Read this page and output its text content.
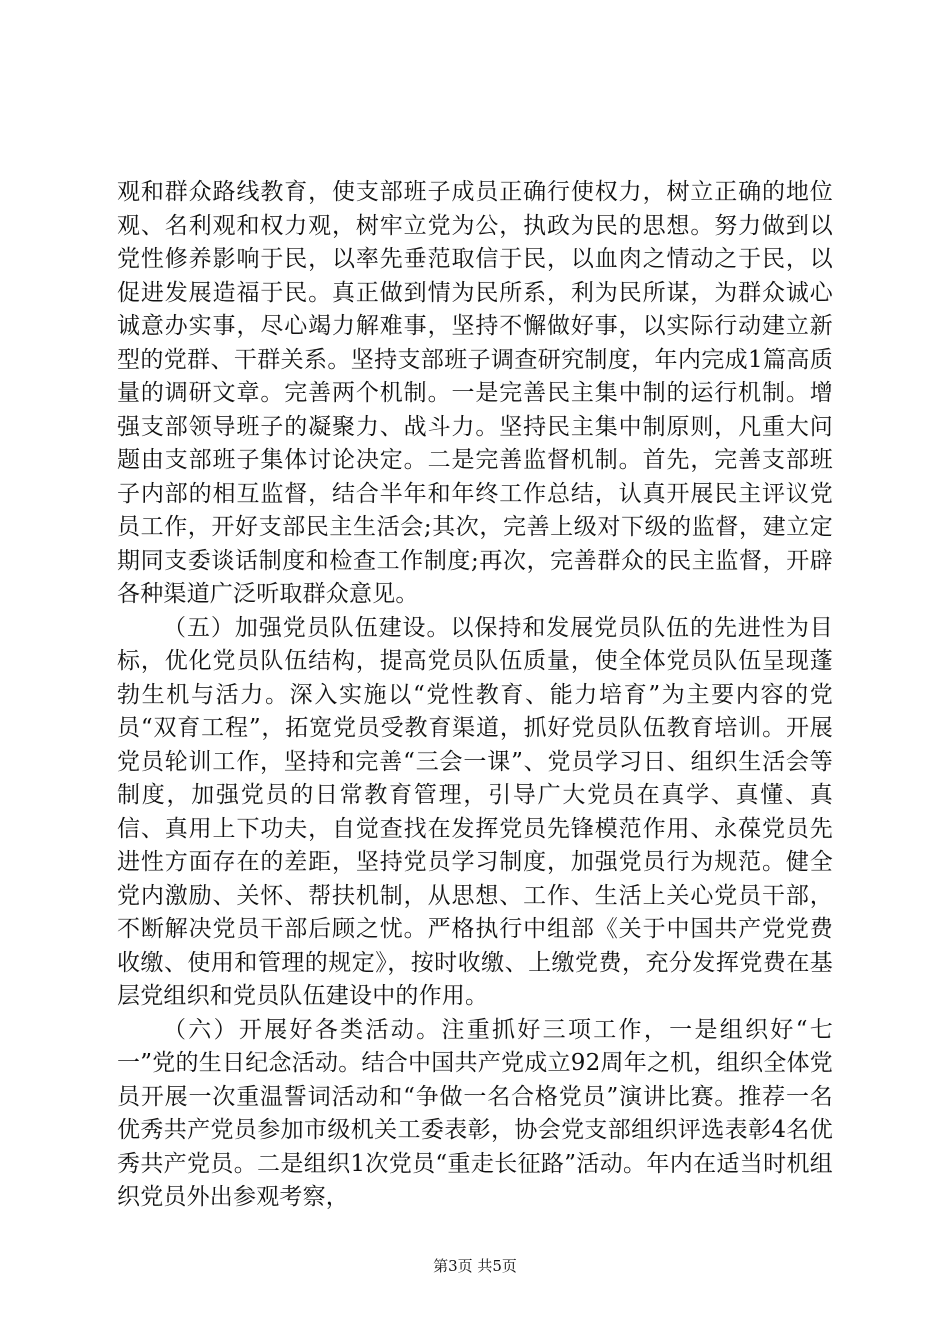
观和群众路线教育，使支部班子成员正确行使权力，树立正确的地位观、名利观和权力观，树牢立党为公，执政为民的思想。努力做到以党性修养影响于民，以率先垂范取信于民，以血肉之情动之于民，以促进发展造福于民。真正做到情为民所系，利为民所谋，为群众诚心诚意办实事，尽心竭力解难事，坚持不懈做好事，以实际行动建立新型的党群、干群关系。坚持支部班子调查研究制度，年内完成1篇高质量的调研文章。完善两个机制。一是完善民主集中制的运行机制。增强支部领导班子的凝聚力、战斗力。坚持民主集中制原则，凡重大问题由支部班子集体讨论决定。二是完善监督机制。首先，完善支部班子内部的相互监督，结合半年和年终工作总结，认真开展民主评议党员工作，开好支部民主生活会;其次，完善上级对下级的监督，建立定期同支委谈话制度和检查工作制度;再次，完善群众的民主监督，开辟各种渠道广泛听取群众意见。

（五）加强党员队伍建设。以保持和发展党员队伍的先进性为目标，优化党员队伍结构，提高党员队伍质量，使全体党员队伍呈现蓬勃生机与活力。深入实施以“党性教育、能力培育”为主要内容的党员“双育工程”，拓宽党员受教育渠道，抓好党员队伍教育培训。开展党员轮训工作，坚持和完善“三会一课”、党员学习日、组织生活会等制度，加强党员的日常教育管理，引导广大党员在真学、真懂、真信、真用上下功夫，自觉查找在发挥党员先锋模范作用、永葆党员先进性方面存在的差距，坚持党员学习制度，加强党员行为规范。健全党内激励、关怀、帮扶机制，从思想、工作、生活上关心党员干部，不断解决党员干部后顾之忧。严格执行中组部《关于中国共产党党费收缴、使用和管理的规定》，按时收缴、上缴党费，充分发挥党费在基层党组织和党员队伍建设中的作用。

（六）开展好各类活动。注重抓好三项工作，一是组织好“七一”党的生日纪念活动。结合中国共产党成立92周年之机，组织全体党员开展一次重温誓词活动和“争做一名合格党员”演讲比赛。推荐一名优秀共产党员参加市级机关工委表彰，协会党支部组织评选表彰4名优秀共产党员。二是组织1次党员“重走长征路”活动。年内在适当时机组织党员外出参观考察，

第3页 共5页
